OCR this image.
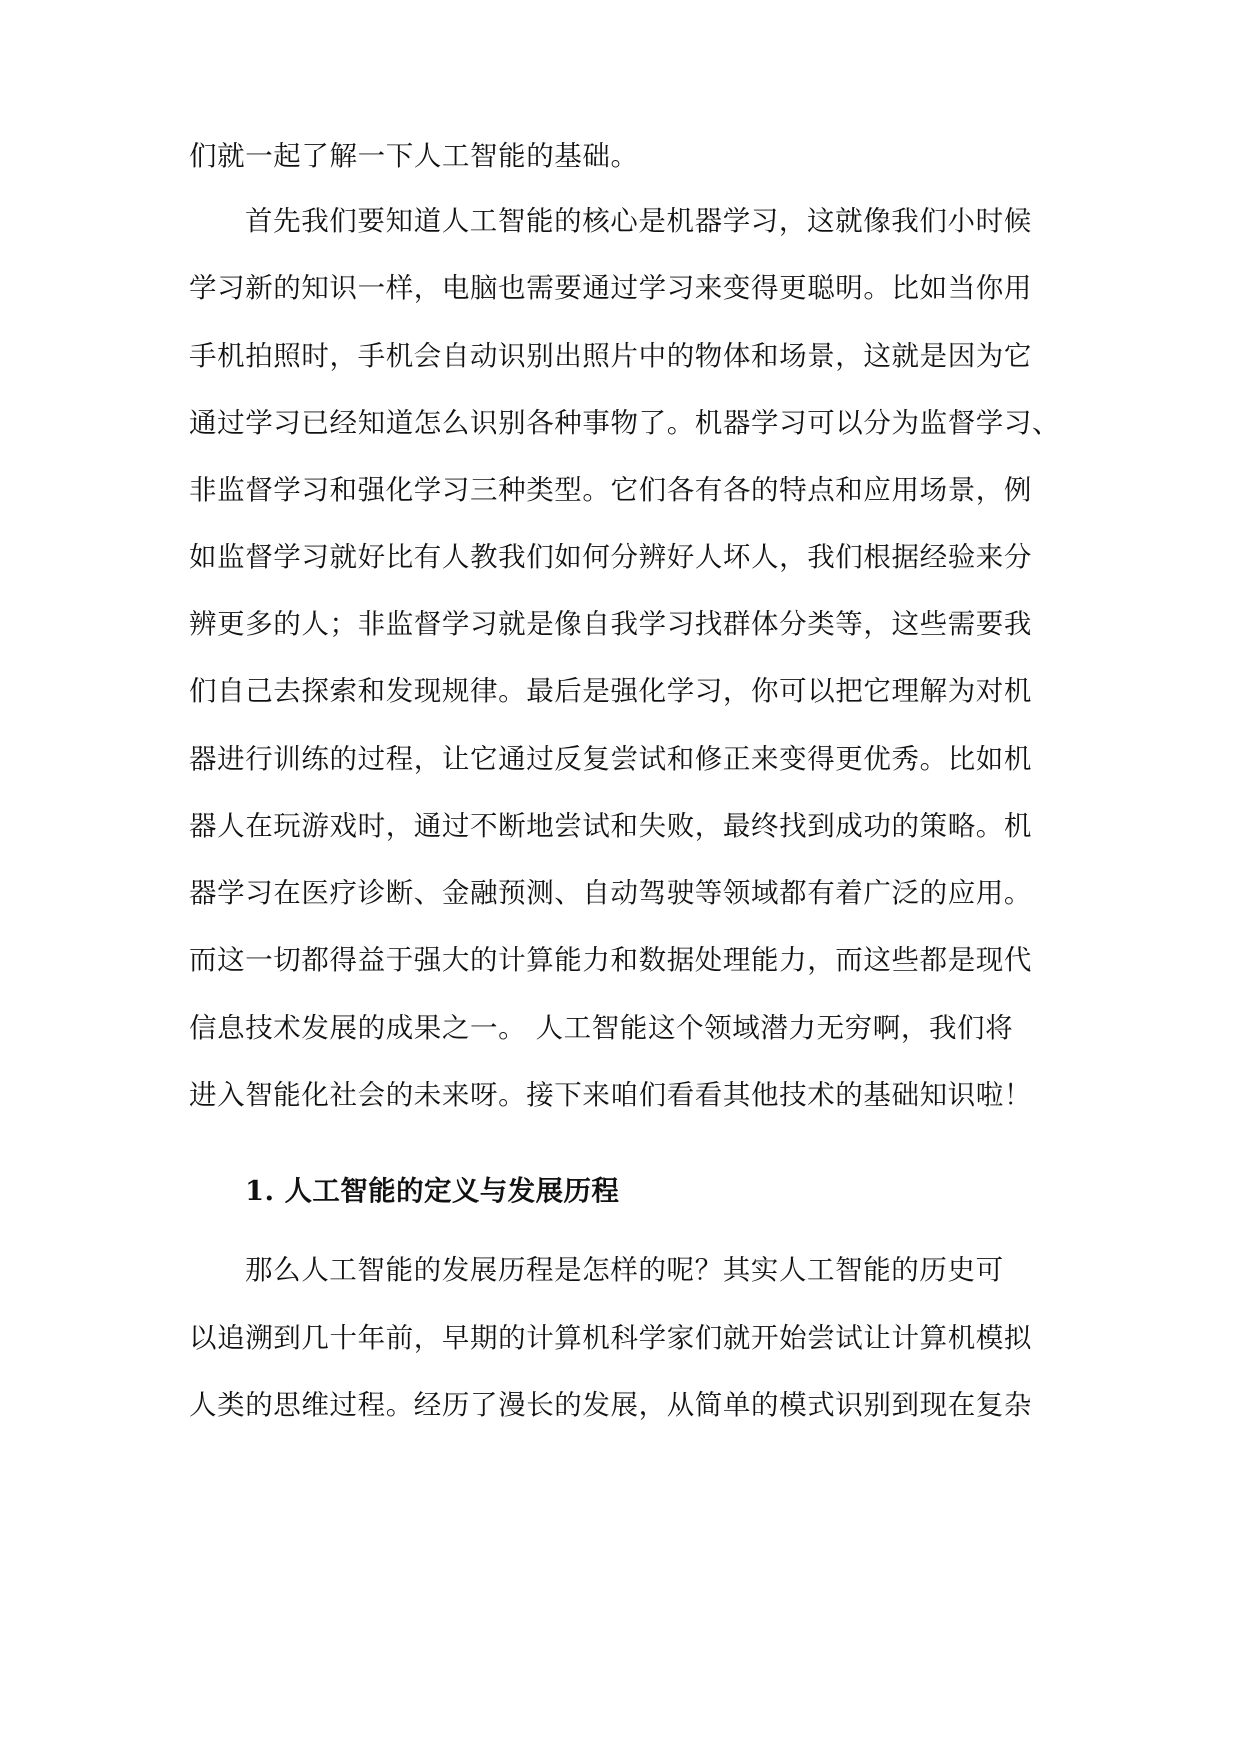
们就一起了解一下人工智能的基础。
首先我们要知道人工智能的核心是机器学习，这就像我们小时候
学习新的知识一样，电脑也需要通过学习来变得更聪明。比如当你用
手机拍照时，手机会自动识别出照片中的物体和场景，这就是因为它
通过学习已经知道怎么识别各种事物了。机器学习可以分为监督学习、
非监督学习和强化学习三种类型。它们各有各的特点和应用场景，例
如监督学习就好比有人教我们如何分辨好人坏人，我们根据经验来分
辨更多的人；非监督学习就是像自我学习找群体分类等，这些需要我
们自己去探索和发现规律。最后是强化学习，你可以把它理解为对机
器进行训练的过程，让它通过反复尝试和修正来变得更优秀。比如机
器人在玩游戏时，通过不断地尝试和失败，最终找到成功的策略。机
器学习在医疗诊断、金融预测、自动驾驶等领域都有着广泛的应用。
而这一切都得益于强大的计算能力和数据处理能力，而这些都是现代
信息技术发展的成果之一。 人工智能这个领域潜力无穷啊，我们将
进入智能化社会的未来呀。接下来咱们看看其他技术的基础知识啦！
1. 人工智能的定义与发展历程
那么人工智能的发展历程是怎样的呢？其实人工智能的历史可
以追溯到几十年前，早期的计算机科学家们就开始尝试让计算机模拟
人类的思维过程。经历了漫长的发展，从简单的模式识别到现在复杂
